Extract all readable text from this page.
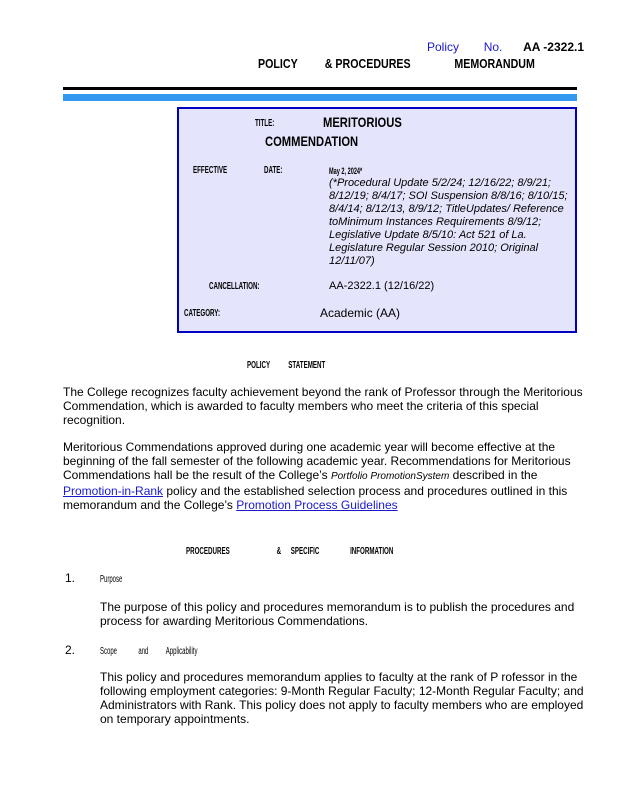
Policy No. AA -2322.1
POLICY & PROCEDURES	MEMORANDUM
TITLE:	MERITORIOUS
COMMENDATION
EFFECTIVE	DATE:	May 2, 2024*
(*Procedural Update 5/2/24; 12/16/22; 8/9/21; 8/12/19; 8/4/17; SOI Suspension 8/8/16; 8/10/15; 8/4/14; 8/12/13, 8/9/12; TitleUpdates/ Reference toMinimum Instances Requirements 8/9/12; Legislative Update 8/5/10: Act 521 of La. Legislature Regular Session 2010; Original 12/11/07)
CANCELLATION:	AA-2322.1 (12/16/22)
CATEGORY:	Academic (AA)
POLICY STATEMENT
The College recognizes faculty achievement beyond the rank of Professor through the Meritorious Commendation, which is awarded to faculty members who meet the criteria of this special recognition.
Meritorious Commendations approved during one academic year will become effective at the beginning of the fall semester of the following academic year. Recommendations for Meritorious Commendations hall be the result of the College’s Portfolio PromotionSystem described in the Promotion-in-Rank policy and the established selection process and procedures outlined in this memorandum and the College’s Promotion Process Guidelines
PROCEDURES	& SPECIFIC	INFORMATION
1. Purpose
The purpose of this policy and procedures memorandum is to publish the procedures and process for awarding Meritorious Commendations.
2. Scope and Applicability
This policy and procedures memorandum applies to faculty at the rank of P rofessor in the following employment categories: 9-Month Regular Faculty; 12-Month Regular Faculty; and Administrators with Rank. This policy does not apply to faculty members who are employed on temporary appointments.
